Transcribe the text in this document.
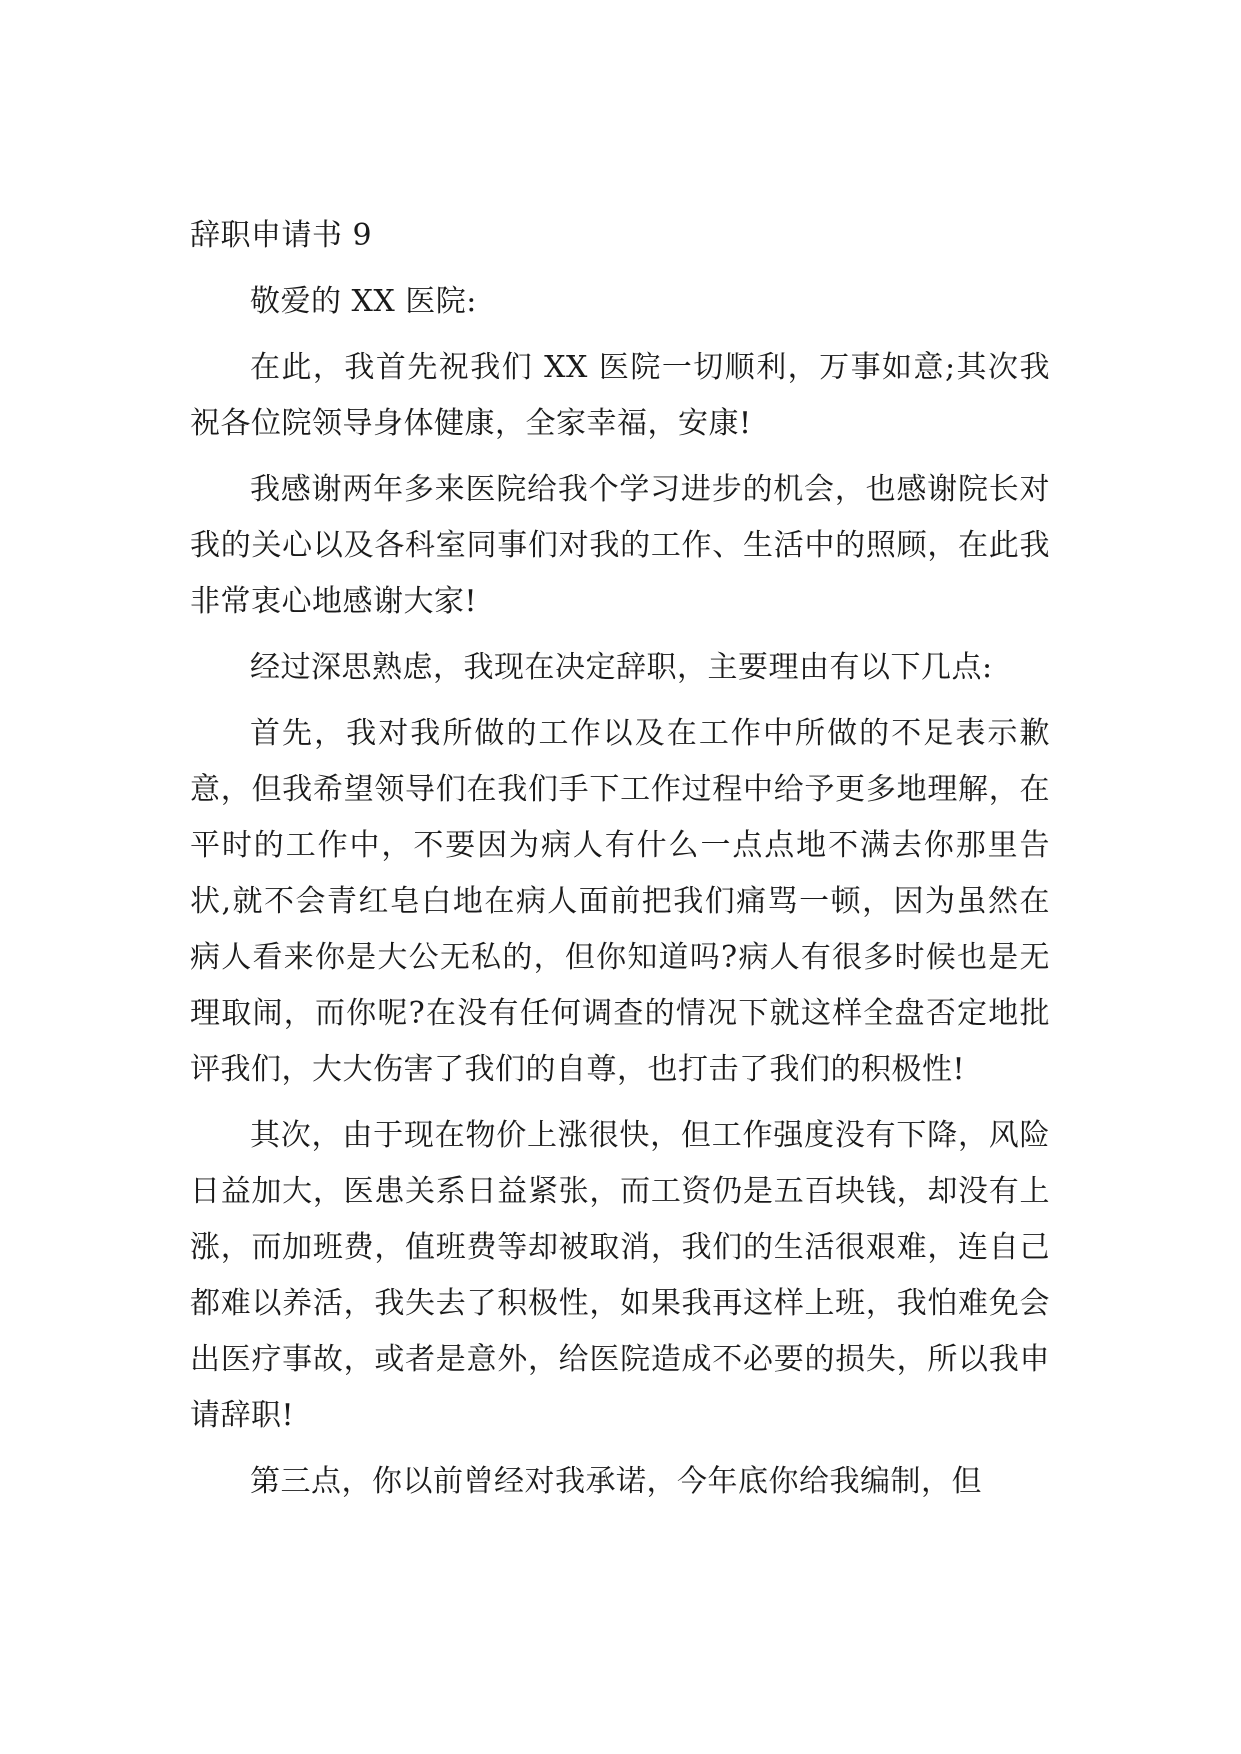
辞职申请书 9

敬爱的 XX 医院:

在此，我首先祝我们 XX 医院一切顺利，万事如意;其次我祝各位院领导身体健康，全家幸福，安康!

我感谢两年多来医院给我个学习进步的机会，也感谢院长对我的关心以及各科室同事们对我的工作、生活中的照顾，在此我非常衷心地感谢大家!

经过深思熟虑，我现在决定辞职，主要理由有以下几点:

首先，我对我所做的工作以及在工作中所做的不足表示歉意，但我希望领导们在我们手下工作过程中给予更多地理解，在平时的工作中，不要因为病人有什么一点点地不满去你那里告状,就不会青红皂白地在病人面前把我们痛骂一顿，因为虽然在病人看来你是大公无私的，但你知道吗?病人有很多时候也是无理取闹，而你呢?在没有任何调查的情况下就这样全盘否定地批评我们，大大伤害了我们的自尊，也打击了我们的积极性!

其次，由于现在物价上涨很快，但工作强度没有下降，风险日益加大，医患关系日益紧张，而工资仍是五百块钱，却没有上涨，而加班费，值班费等却被取消，我们的生活很艰难，连自己都难以养活，我失去了积极性，如果我再这样上班，我怕难免会出医疗事故，或者是意外，给医院造成不必要的损失，所以我申请辞职!

第三点，你以前曾经对我承诺，今年底你给我编制，但
